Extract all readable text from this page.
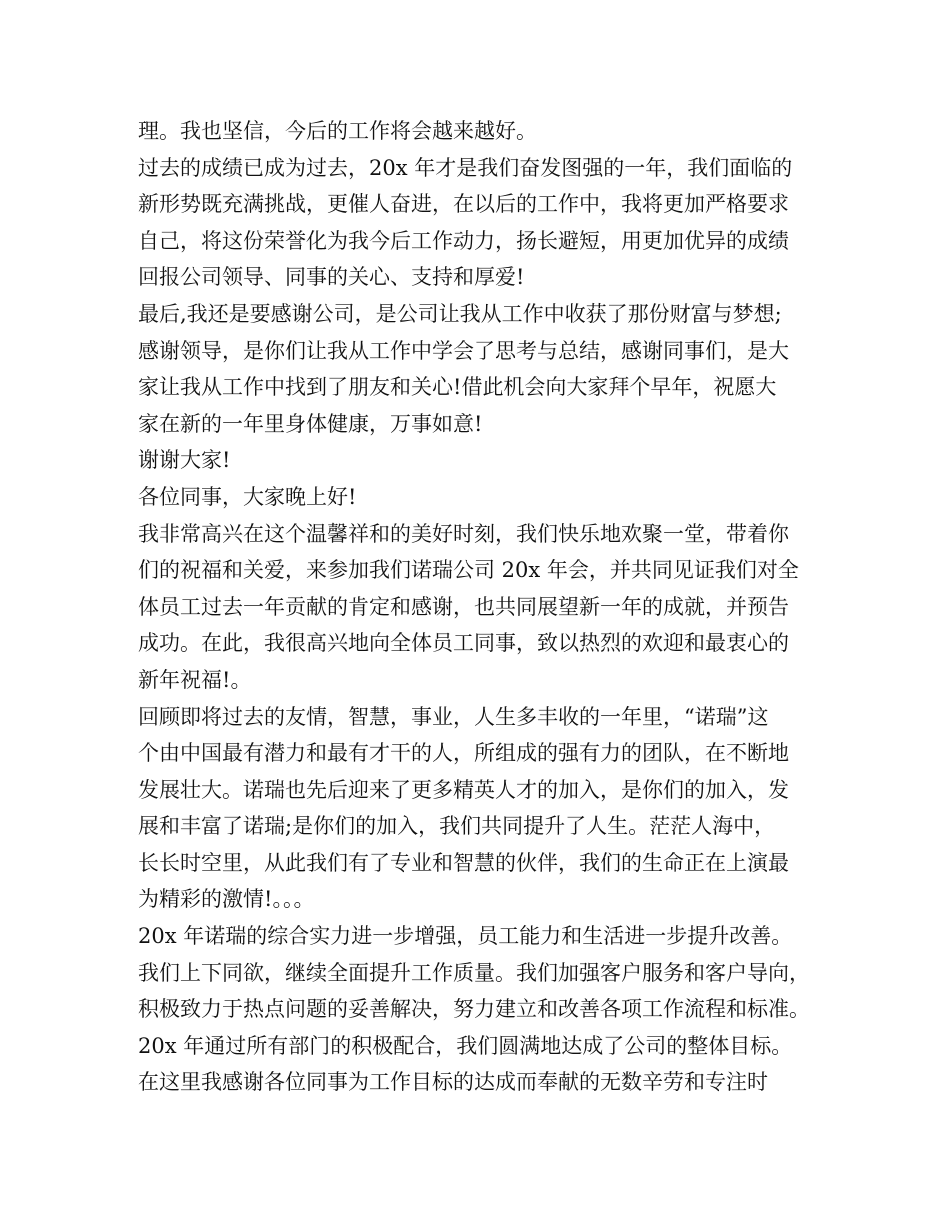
理。我也坚信，今后的工作将会越来越好。
过去的成绩已成为过去，20x 年才是我们奋发图强的一年，我们面临的
新形势既充满挑战，更催人奋进，在以后的工作中，我将更加严格要求
自己，将这份荣誉化为我今后工作动力，扬长避短，用更加优异的成绩
回报公司领导、同事的关心、支持和厚爱!
最后,我还是要感谢公司，是公司让我从工作中收获了那份财富与梦想;
感谢领导，是你们让我从工作中学会了思考与总结，感谢同事们，是大
家让我从工作中找到了朋友和关心!借此机会向大家拜个早年，祝愿大
家在新的一年里身体健康，万事如意!
谢谢大家!
各位同事，大家晚上好!
我非常高兴在这个温馨祥和的美好时刻，我们快乐地欢聚一堂，带着你
们的祝福和关爱，来参加我们诺瑞公司 20x 年会，并共同见证我们对全
体员工过去一年贡献的肯定和感谢，也共同展望新一年的成就，并预告
成功。在此，我很高兴地向全体员工同事，致以热烈的欢迎和最衷心的
新年祝福!。
回顾即将过去的友情，智慧，事业，人生多丰收的一年里，“诺瑞”这
个由中国最有潜力和最有才干的人，所组成的强有力的团队，在不断地
发展壮大。诺瑞也先后迎来了更多精英人才的加入，是你们的加入，发
展和丰富了诺瑞;是你们的加入，我们共同提升了人生。茫茫人海中，
长长时空里，从此我们有了专业和智慧的伙伴，我们的生命正在上演最
为精彩的激情!。。。
20x 年诺瑞的综合实力进一步增强，员工能力和生活进一步提升改善。
我们上下同欲，继续全面提升工作质量。我们加强客户服务和客户导向，
积极致力于热点问题的妥善解决，努力建立和改善各项工作流程和标准。
20x 年通过所有部门的积极配合，我们圆满地达成了公司的整体目标。
在这里我感谢各位同事为工作目标的达成而奉献的无数辛劳和专注时
